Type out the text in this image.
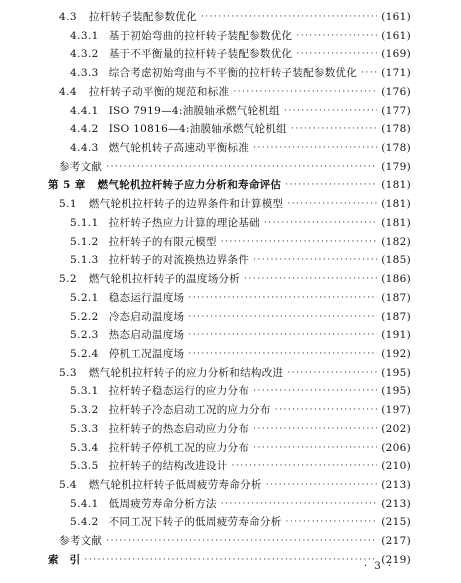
4.3 拉杆转子装配参数优化 ·····	(161)
4.3.1 基于初始弯曲的拉杆转子装配参数优化 ·····	(161)
4.3.2 基于不平衡量的拉杆转子装配参数优化 ·····	(169)
4.3.3 综合考虑初始弯曲与不平衡的拉杆转子装配参数优化 ····· (171)
4.4 拉杆转子动平衡的规范和标准 ·····	(176)
4.4.1 ISO 7919—4:油膜轴承燃气轮机组 ·····	(177)
4.4.2 ISO 10816—4:油膜轴承燃气轮机组 ·····	(178)
4.4.3 燃气轮机转子高速动平衡标准 ·····	(178)
参考文献 ·····	(179)
第 5 章 燃气轮机拉杆转子应力分析和寿命评估 ·····	(181)
5.1 燃气轮机拉杆转子的边界条件和计算模型 ·····	(181)
5.1.1 拉杆转子热应力计算的理论基础 ·····	(181)
5.1.2 拉杆转子的有限元模型 ·····	(182)
5.1.3 拉杆转子的对流换热边界条件 ·····	(185)
5.2 燃气轮机拉杆转子的温度场分析 ·····	(186)
5.2.1 稳态运行温度场 ·····	(187)
5.2.2 冷态启动温度场 ·····	(187)
5.2.3 热态启动温度场 ·····	(191)
5.2.4 停机工况温度场 ·····	(192)
5.3 燃气轮机拉杆转子的应力分析和结构改进 ·····	(195)
5.3.1 拉杆转子稳态运行的应力分布 ·····	(195)
5.3.2 拉杆转子冷态启动工况的应力分布 ·····	(197)
5.3.3 拉杆转子的热态启动应力分布 ·····	(202)
5.3.4 拉杆转子停机工况的应力分布 ·····	(206)
5.3.5 拉杆转子的结构改进设计 ·····	(210)
5.4 燃气轮机拉杆转子低周疲劳寿命分析 ·····	(213)
5.4.1 低周疲劳寿命分析方法 ·····	(213)
5.4.2 不同工况下转子的低周疲劳寿命分析 ·····	(215)
参考文献 ·····	(217)
索　引 ·····	(219)
· 3 ·
